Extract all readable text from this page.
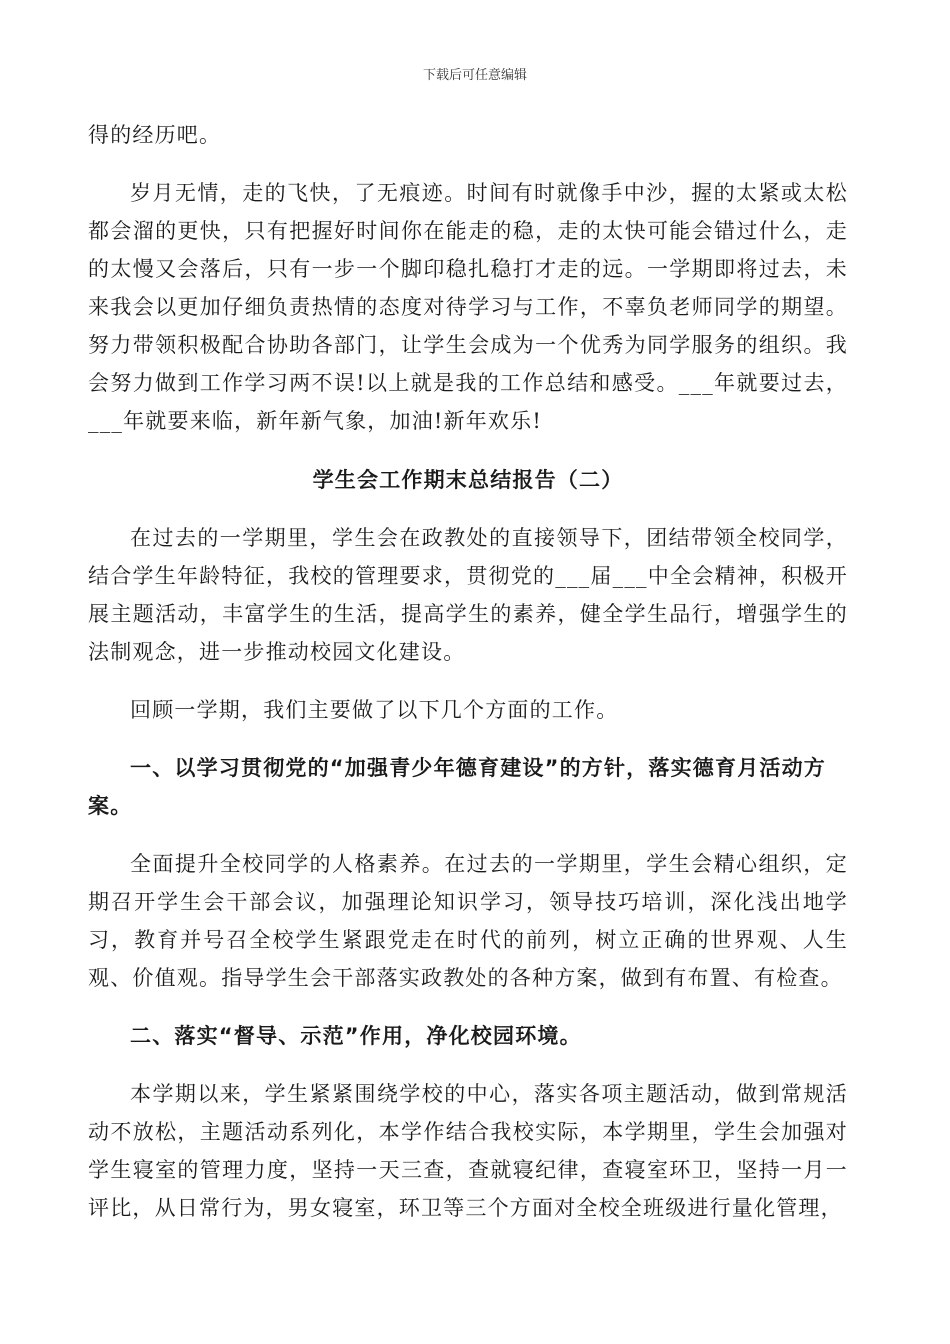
下载后可任意编辑

得的经历吧。

岁月无情，走的飞快，了无痕迹。时间有时就像手中沙，握的太紧或太松都会溜的更快，只有把握好时间你在能走的稳，走的太快可能会错过什么，走的太慢又会落后，只有一步一个脚印稳扎稳打才走的远。一学期即将过去，未来我会以更加仔细负责热情的态度对待学习与工作，不辜负老师同学的期望。努力带领积极配合协助各部门，让学生会成为一个优秀为同学服务的组织。我会努力做到工作学习两不误!以上就是我的工作总结和感受。___年就要过去，___年就要来临，新年新气象，加油!新年欢乐!

学生会工作期末总结报告（二）

在过去的一学期里，学生会在政教处的直接领导下，团结带领全校同学，结合学生年龄特征，我校的管理要求，贯彻党的___届___中全会精神，积极开展主题活动，丰富学生的生活，提高学生的素养，健全学生品行，增强学生的法制观念，进一步推动校园文化建设。

回顾一学期，我们主要做了以下几个方面的工作。

一、以学习贯彻党的“加强青少年德育建设”的方针，落实德育月活动方案。

全面提升全校同学的人格素养。在过去的一学期里，学生会精心组织，定期召开学生会干部会议，加强理论知识学习，领导技巧培训，深化浅出地学习，教育并号召全校学生紧跟党走在时代的前列，树立正确的世界观、人生观、价值观。指导学生会干部落实政教处的各种方案，做到有布置、有检查。

二、落实“督导、示范”作用，净化校园环境。

本学期以来，学生紧紧围绕学校的中心，落实各项主题活动，做到常规活动不放松，主题活动系列化，本学作结合我校实际，本学期里，学生会加强对学生寝室的管理力度，坚持一天三查，查就寝纪律，查寝室环卫，坚持一月一评比，从日常行为，男女寝室，环卫等三个方面对全校全班级进行量化管理，
